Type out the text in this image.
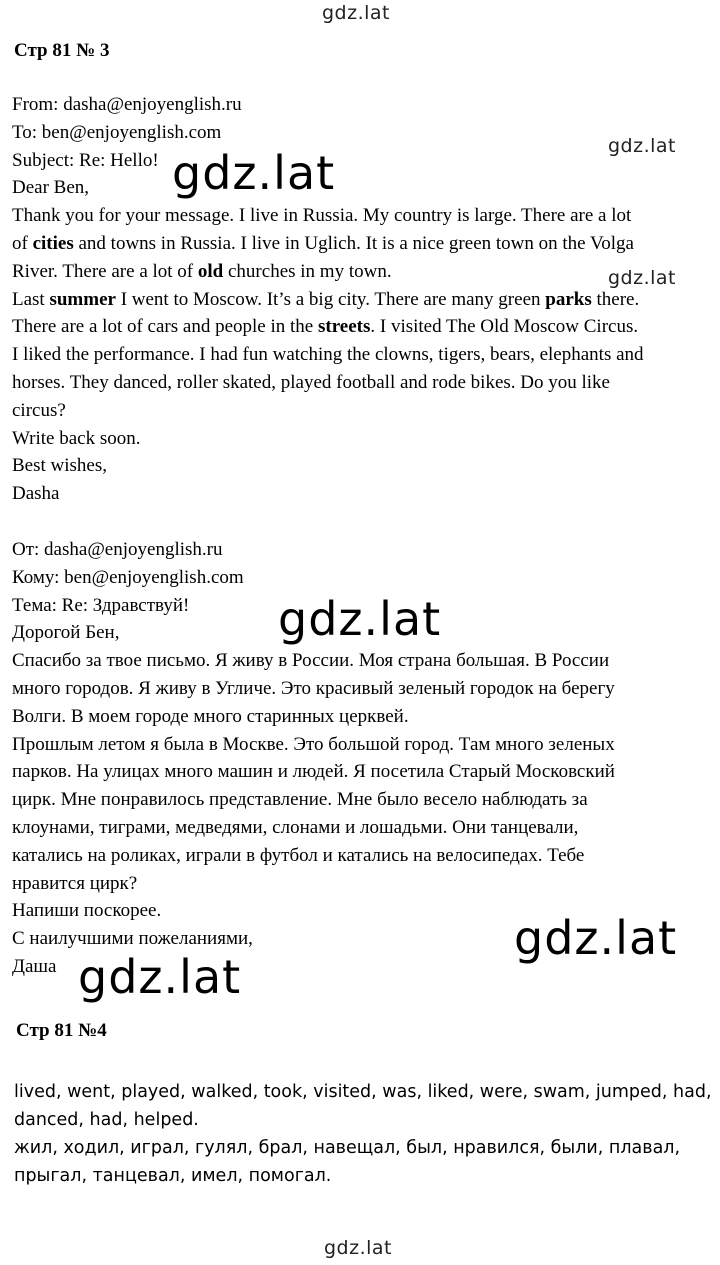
gdz.lat
gdz.lat
gdz.lat
gdz.lat
Стр 81 № 3
From: dasha@enjoyenglish.ru
To: ben@enjoyenglish.com
Subject: Re: Hello!
Dear Ben,
Thank you for your message. I live in Russia. My country is large. There are a lot
of cities and towns in Russia. I live in Uglich. It is a nice green town on the Volga
River. There are a lot of old churches in my town.
Last summer I went to Moscow. It’s a big city. There are many green parks there.
There are a lot of cars and people in the streets. I visited The Old Moscow Circus.
I liked the performance. I had fun watching the clowns, tigers, bears, elephants and
horses. They danced, roller skated, played football and rode bikes. Do you like
circus?
Write back soon.
Best wishes,
Dasha
От: dasha@enjoyenglish.ru
Кому: ben@enjoyenglish.com
Тема: Re: Здравствуй!
Дорогой Бен,
Спасибо за твое письмо. Я живу в России. Моя страна большая. В России
много городов. Я живу в Угличе. Это красивый зеленый городок на берегу
Волги. В моем городе много старинных церквей.
Прошлым летом я была в Москве. Это большой город. Там много зеленых
парков. На улицах много машин и людей. Я посетила Старый Московский
цирк. Мне понравилось представление. Мне было весело наблюдать за
клоунами, тиграми, медведями, слонами и лошадьми. Они танцевали,
катались на роликах, играли в футбол и катались на велосипедах. Тебе
нравится цирк?
Напиши поскорее.
С наилучшими пожеланиями,
Даша
Стр 81 №4
lived, went, played, walked, took, visited, was, liked, were, swam, jumped, had,
danced, had, helped.
жил, ходил, играл, гулял, брал, навещал, был, нравился, были, плавал,
прыгал, танцевал, имел, помогал.
gdz.lat
gdz.lat
gdz.lat
gdz.lat
